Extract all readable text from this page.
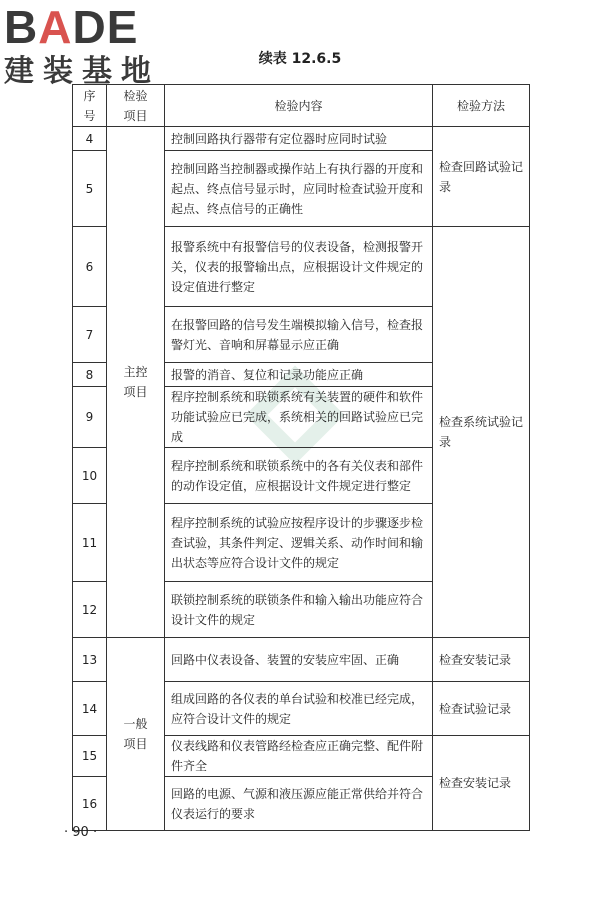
BADE
建装基地	续表 12.6.5
序号	检验项目	检验内容	检验方法
4	主控项目	控制回路执行器带有定位器时应同时试验	检查回路试验记录
5		控制回路当控制器或操作站上有执行器的开度和起点、终点信号显示时，应同时检查试验开度和起点、终点信号的正确性	
6		报警系统中有报警信号的仪表设备，检测报警开关，仪表的报警输出点，应根据设计文件规定的设定值进行整定	检查系统试验记录
7		在报警回路的信号发生端模拟输入信号，检查报警灯光、音响和屏幕显示应正确	
8		报警的消音、复位和记录功能应正确	
9		程序控制系统和联锁系统有关装置的硬件和软件功能试验应已完成，系统相关的回路试验应已完成	
10		程序控制系统和联锁系统中的各有关仪表和部件的动作设定值，应根据设计文件规定进行整定	
11		程序控制系统的试验应按程序设计的步骤逐步检查试验，其条件判定、逻辑关系、动作时间和输出状态等应符合设计文件的规定	
12		联锁控制系统的联锁条件和输入输出功能应符合设计文件的规定	
13	一般项目	回路中仪表设备、装置的安装应牢固、正确	检查安装记录
14		组成回路的各仪表的单台试验和校准已经完成，应符合设计文件的规定	检查试验记录
15		仪表线路和仪表管路经检查应正确完整、配件附件齐全	检查安装记录
16		回路的电源、气源和液压源应能正常供给并符合仪表运行的要求	
· 90 ·
